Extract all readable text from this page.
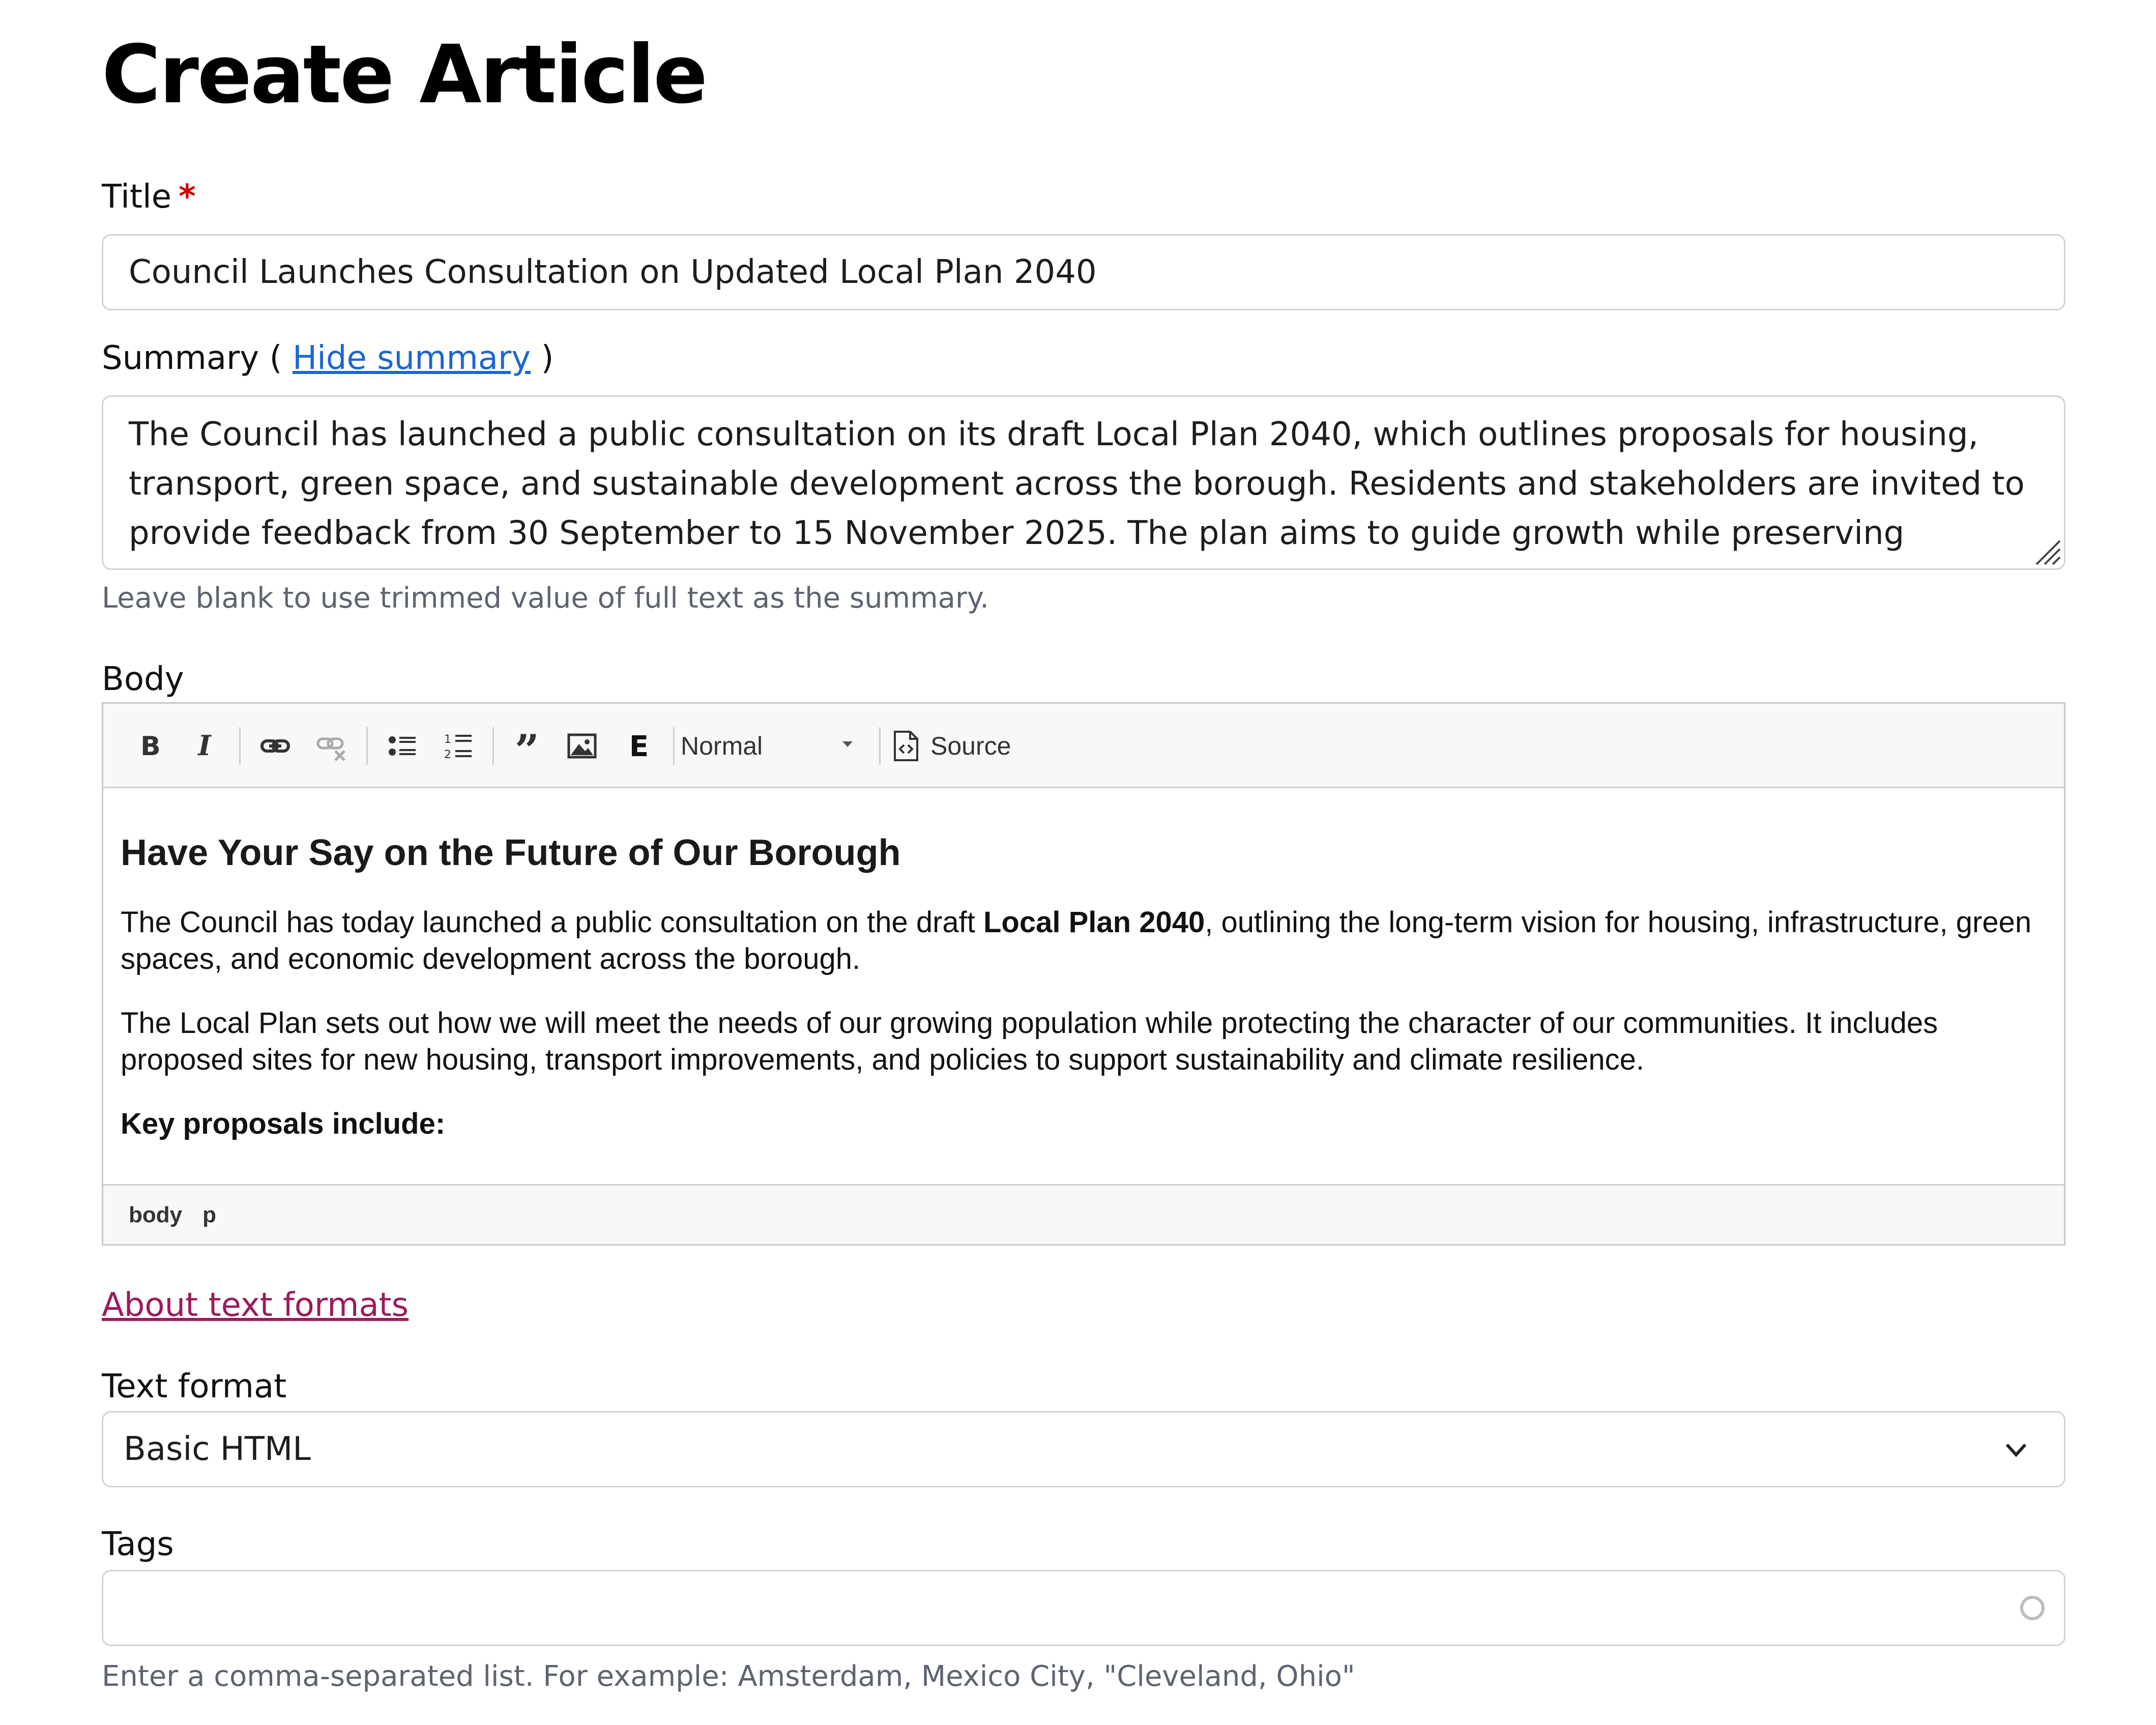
Create Article
Title *
Council Launches Consultation on Updated Local Plan 2040
Summary ( Hide summary )
The Council has launched a public consultation on its draft Local Plan 2040, which outlines proposals for housing, transport, green space, and sustainable development across the borough. Residents and stakeholders are invited to provide feedback from 30 September to 15 November 2025. The plan aims to guide growth while preserving
Leave blank to use trimmed value of full text as the summary.
Body
B I	1
2 ”	E Normal	Source
Have Your Say on the Future of Our Borough

The Council has today launched a public consultation on the draft Local Plan 2040, outlining the long-term vision for housing, infrastructure, green spaces, and economic development across the borough.

The Local Plan sets out how we will meet the needs of our growing population while protecting the character of our communities. It includes proposed sites for new housing, transport improvements, and policies to support sustainability and climate resilience.

Key proposals include:

body p
About text formats
Text format
Basic HTML
Tags
Enter a comma-separated list. For example: Amsterdam, Mexico City, "Cleveland, Ohio"
